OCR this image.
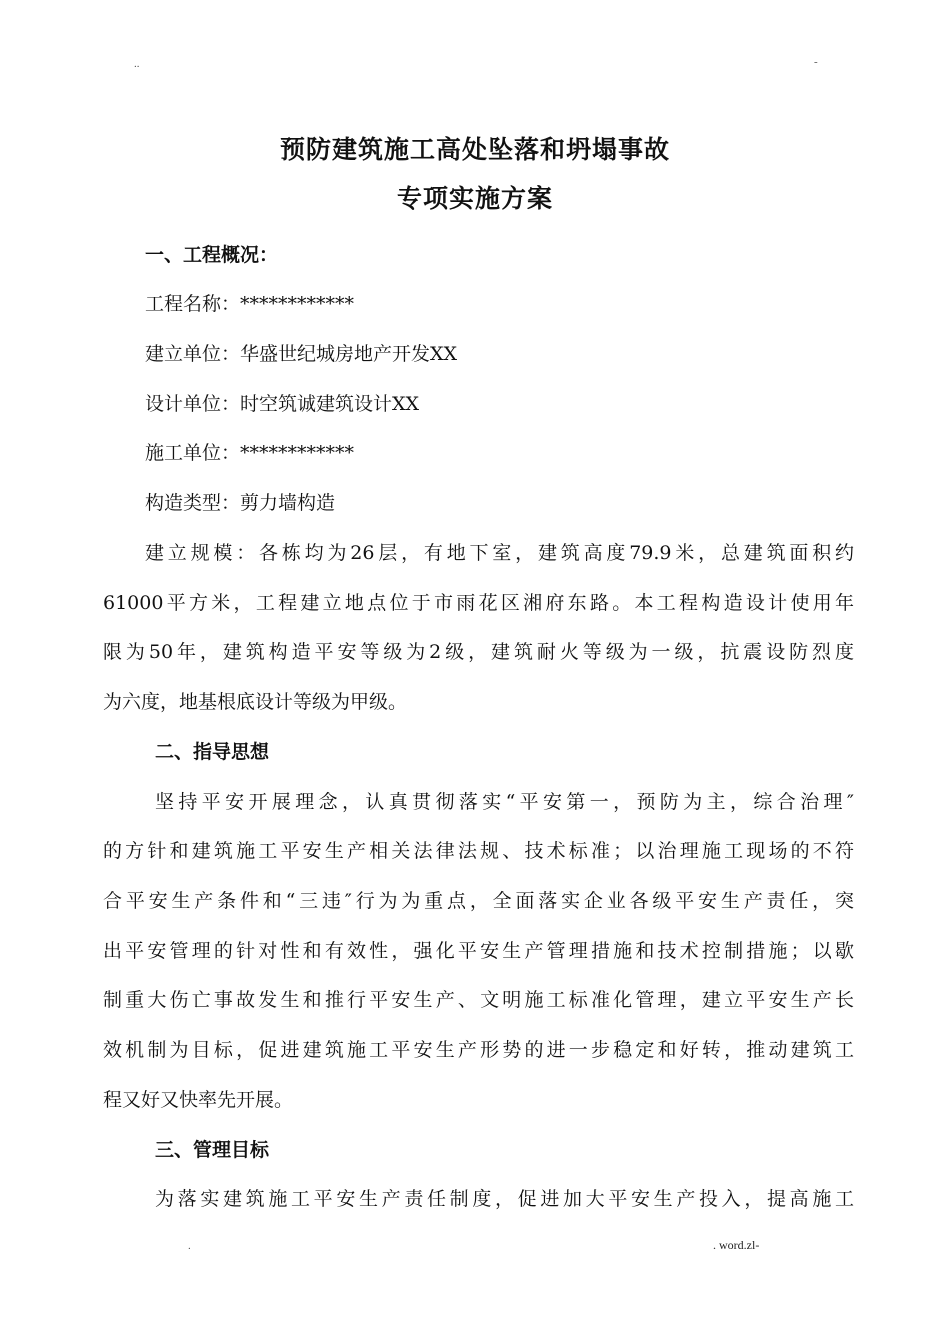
..	-
预防建筑施工高处坠落和坍塌事故
专项实施方案
一、工程概况：
工程名称：************
建立单位：华盛世纪城房地产开发XX
设计单位：时空筑诚建筑设计XX
施工单位：************
构造类型：剪力墙构造
建立规模：各栋均为26层，有地下室，建筑高度79.9米，总建筑面积约
61000平方米，工程建立地点位于市雨花区湘府东路。本工程构造设计使用年
限为50年，建筑构造平安等级为2级，建筑耐火等级为一级，抗震设防烈度
为六度，地基根底设计等级为甲级。
二、指导思想
坚持平安开展理念，认真贯彻落实“平安第一，预防为主，综合治理″
的方针和建筑施工平安生产相关法律法规、技术标准；以治理施工现场的不符
合平安生产条件和“三违″行为为重点，全面落实企业各级平安生产责任，突
出平安管理的针对性和有效性，强化平安生产管理措施和技术控制措施；以歇
制重大伤亡事故发生和推行平安生产、文明施工标准化管理，建立平安生产长
效机制为目标，促进建筑施工平安生产形势的进一步稳定和好转，推动建筑工
程又好又快率先开展。
三、管理目标
为落实建筑施工平安生产责任制度，促进加大平安生产投入，提高施工
.	. word.zl-
